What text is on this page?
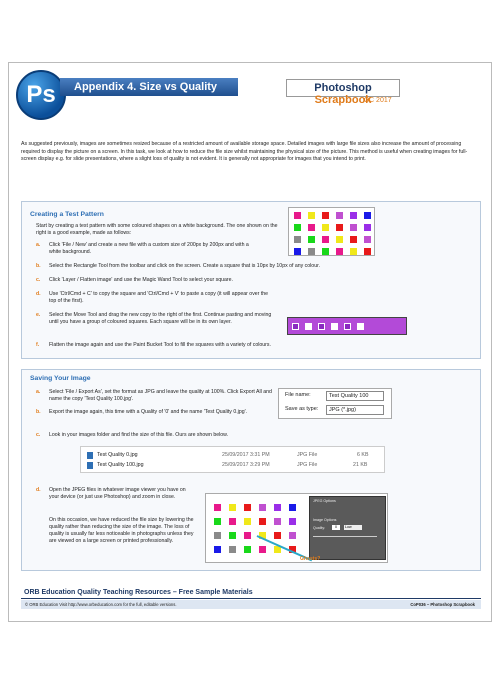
Ps	Appendix 4. Size vs Quality	Photoshop Scrapbook
CC 2017
As suggested previously, images are sometimes resized because of a restricted amount of available storage space. Detailed images with large file sizes also increase the amount of processing required to display the picture on a screen. In this task, we look at how to reduce the file size whilst maintaining the physical size of the picture. This method is useful when creating images for full-screen display e.g. for slide presentations, where a slight loss of quality is not evident. It is generally not appropriate for images that you intend to print.
Creating a Test Pattern
Start by creating a test pattern with some coloured shapes on a white background. The one shown on the right is a good example, made as follows:
a. Click 'File / New' and create a new file with a custom size of 200px by 200px and with a white background.
b. Select the Rectangle Tool from the toolbar and click on the screen. Create a square that is 10px by 10px of any colour.
c. Click 'Layer / Flatten image' and use the Magic Wand Tool to select your square.
d. Use 'Ctrl/Cmd + C' to copy the square and 'Ctrl/Cmd + V' to paste a copy (it will appear over the top of the first).
e. Select the Move Tool and drag the new copy to the right of the first. Continue pasting and moving until you have a group of coloured squares. Each square will be in its own layer.
f. Flatten the image again and use the Paint Bucket Tool to fill the squares with a variety of colours.
Saving Your Image
a. Select 'File / Export As', set the format as JPG and leave the quality at 100%. Click Export All and name the copy 'Test Quality 100.jpg'.
b. Export the image again, this time with a Quality of '0' and the name 'Test Quality 0.jpg'.
c. Look in your images folder and find the size of this file. Ours are shown below.
File name:	Test Quality 100
Save as type:	JPG (*.jpg)
Test Quality 0.jpg	25/09/2017 3:31 PM	JPG File	6 KB
Test Quality 100.jpg	25/09/2017 3:29 PM	JPG File	21 KB
d. Open the JPEG files in whatever image viewer you have on your device (or just use Photoshop) and zoom in close.
On this occasion, we have reduced the file size by lowering the quality rather than reducing the size of the image. The loss of quality is usually far less noticeable in photographs unless they are viewed on a large screen or printed professionally.
JPEG Options
Image Options
Quality:	0	Low
Ghosts?
ORB Education Quality Teaching Resources – Free Sample Materials
© ORB Education Visit http://www.orbeducation.com for the full, editable versions.	CoP036 – Photoshop Scrapbook
